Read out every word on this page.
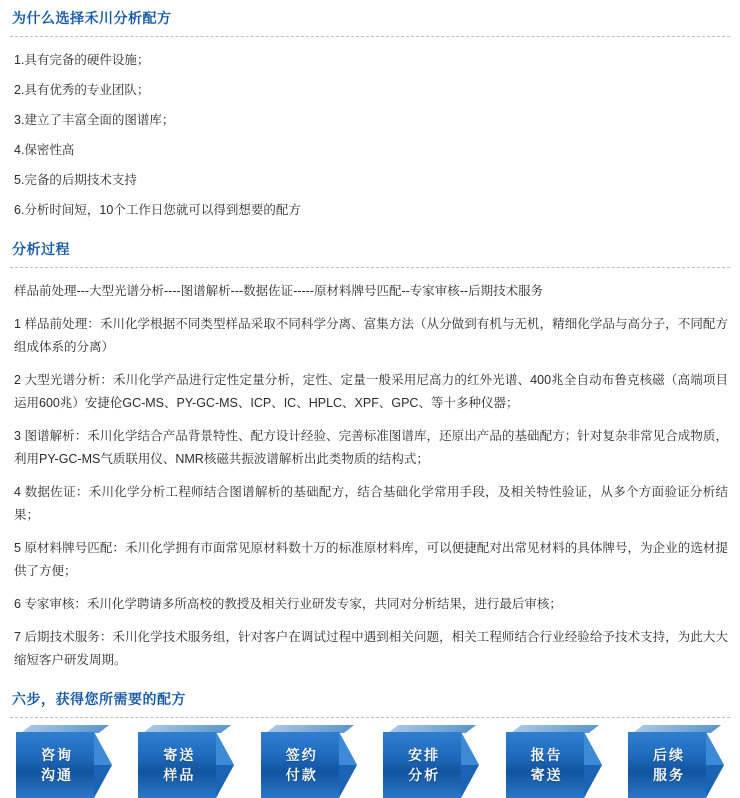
为什么选择禾川分析配方
1.具有完备的硬件设施；
2.具有优秀的专业团队；
3.建立了丰富全面的图谱库；
4.保密性高
5.完备的后期技术支持
6.分析时间短，10个工作日您就可以得到想要的配方
分析过程
样品前处理---大型光谱分析----图谱解析---数据佐证-----原材料牌号匹配--专家审核--后期技术服务
1 样品前处理：禾川化学根据不同类型样品采取不同科学分离、富集方法（从分做到有机与无机，精细化学品与高分子，不同配方组成体系的分离）
2 大型光谱分析：禾川化学产品进行定性定量分析，定性、定量一般采用尼高力的红外光谱、400兆全自动布鲁克核磁（高端项目运用600兆）安捷伦GC-MS、PY-GC-MS、ICP、IC、HPLC、XPF、GPC、等十多种仪器；
3 图谱解析：禾川化学结合产品背景特性、配方设计经验、完善标准图谱库，还原出产品的基础配方；针对复杂非常见合成物质，利用PY-GC-MS气质联用仪、NMR核磁共振波谱解析出此类物质的结构式；
4 数据佐证：禾川化学分析工程师结合图谱解析的基础配方，结合基础化学常用手段，及相关特性验证，从多个方面验证分析结果；
5 原材料牌号匹配：禾川化学拥有市面常见原材料数十万的标准原材料库，可以便捷配对出常见材料的具体牌号，为企业的选材提供了方便；
6 专家审核：禾川化学聘请多所高校的教授及相关行业研发专家，共同对分析结果，进行最后审核；
7 后期技术服务：禾川化学技术服务组，针对客户在调试过程中遇到相关问题，相关工程师结合行业经验给予技术支持，为此大大缩短客户研发周期。
六步，获得您所需要的配方
咨询
沟通
寄送
样品
签约
付款
安排
分析
报告
寄送
后续
服务
